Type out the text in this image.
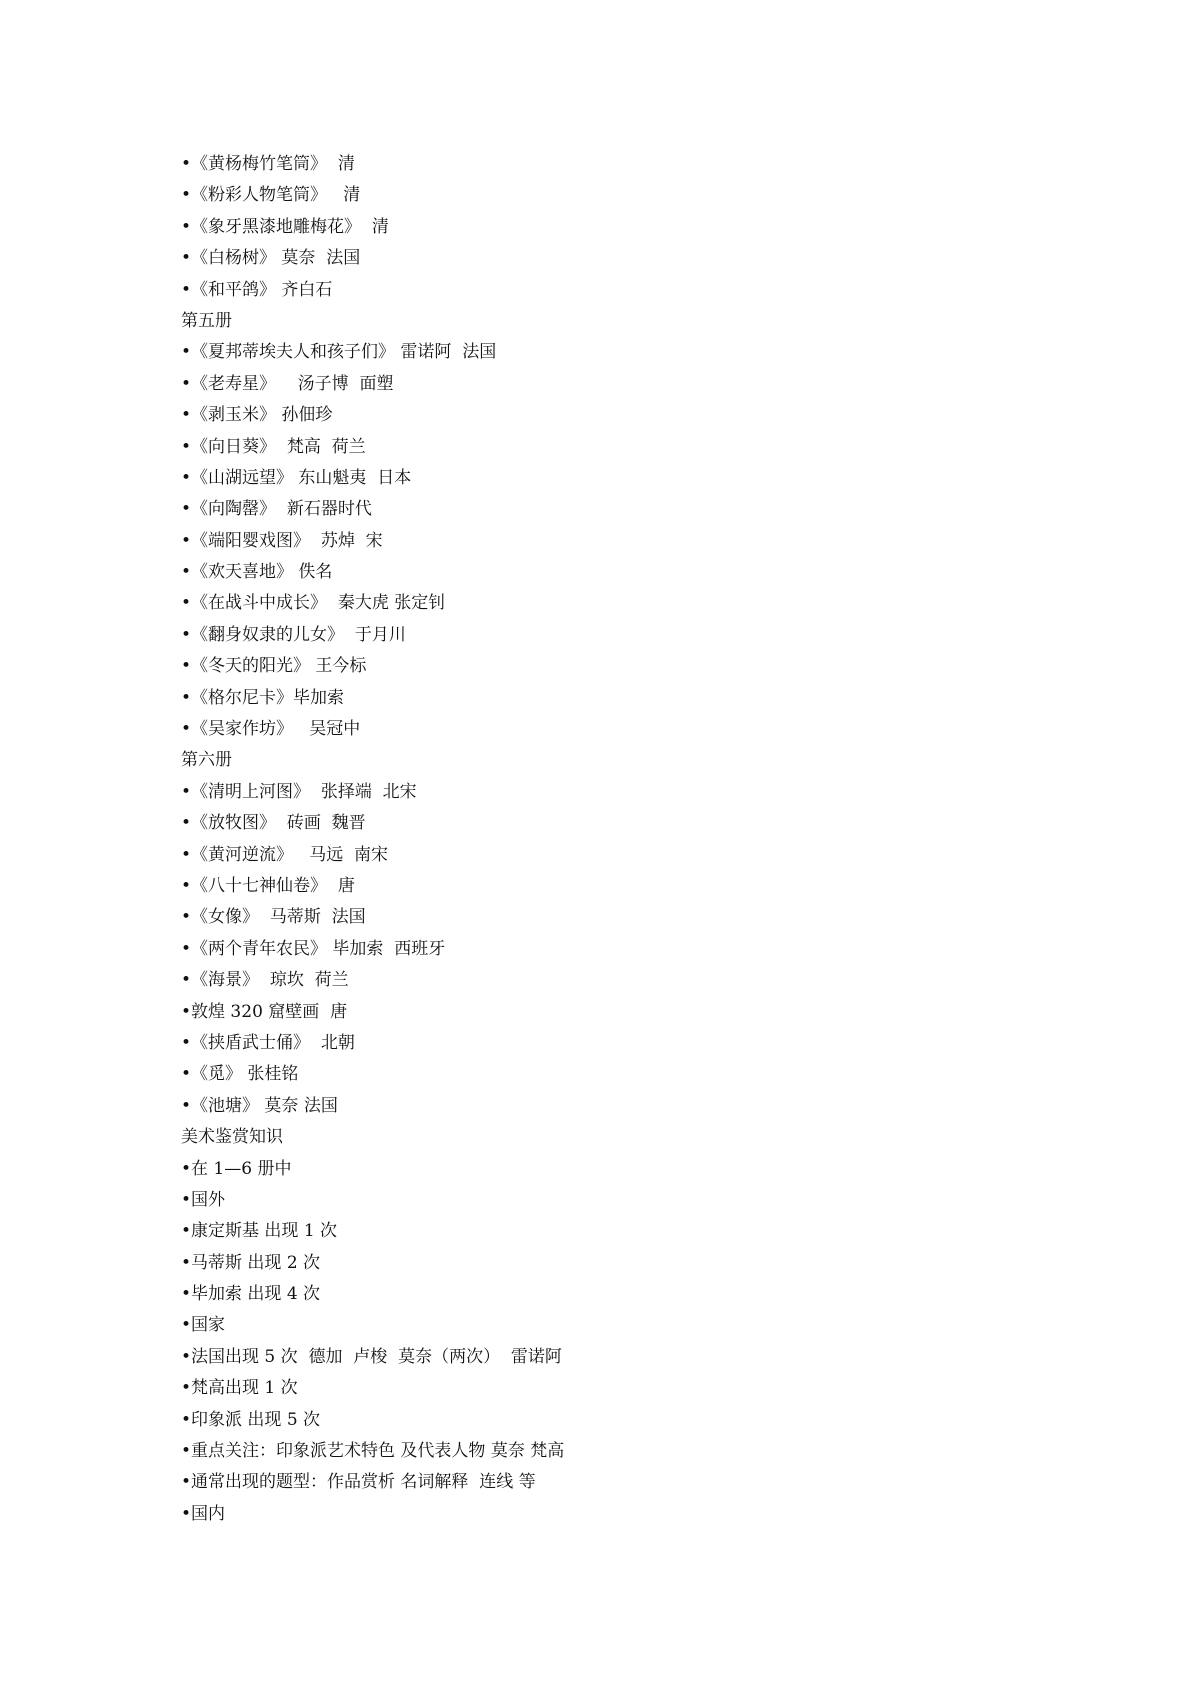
•《黄杨梅竹笔筒》  清
•《粉彩人物笔筒》   清
•《象牙黑漆地雕梅花》  清
•《白杨树》 莫奈  法国
•《和平鸽》 齐白石
第五册
•《夏邦蒂埃夫人和孩子们》 雷诺阿  法国
•《老寿星》    汤子博  面塑
•《剥玉米》 孙佃珍
•《向日葵》  梵高  荷兰
•《山湖远望》 东山魁夷  日本
•《向陶罄》  新石器时代
•《端阳婴戏图》  苏焯  宋
•《欢天喜地》 佚名
•《在战斗中成长》  秦大虎 张定钊
•《翻身奴隶的儿女》  于月川
•《冬天的阳光》 王今标
•《格尔尼卡》毕加索
•《吴家作坊》   吴冠中
第六册
•《清明上河图》  张择端  北宋
•《放牧图》  砖画  魏晋
•《黄河逆流》   马远  南宋
•《八十七神仙卷》  唐
•《女像》  马蒂斯  法国
•《两个青年农民》 毕加索  西班牙
•《海景》  琼坎  荷兰
•敦煌 320 窟壁画  唐
•《挟盾武士俑》  北朝
•《觅》 张桂铭
•《池塘》 莫奈 法国
美术鉴赏知识
•在 1—6 册中
•国外
•康定斯基 出现 1 次
•马蒂斯 出现 2 次
•毕加索 出现 4 次
•国家
•法国出现 5 次  德加  卢梭  莫奈（两次）  雷诺阿
•梵高出现 1 次
•印象派 出现 5 次
•重点关注：印象派艺术特色 及代表人物 莫奈 梵高
•通常出现的题型：作品赏析 名词解释  连线 等
•国内
